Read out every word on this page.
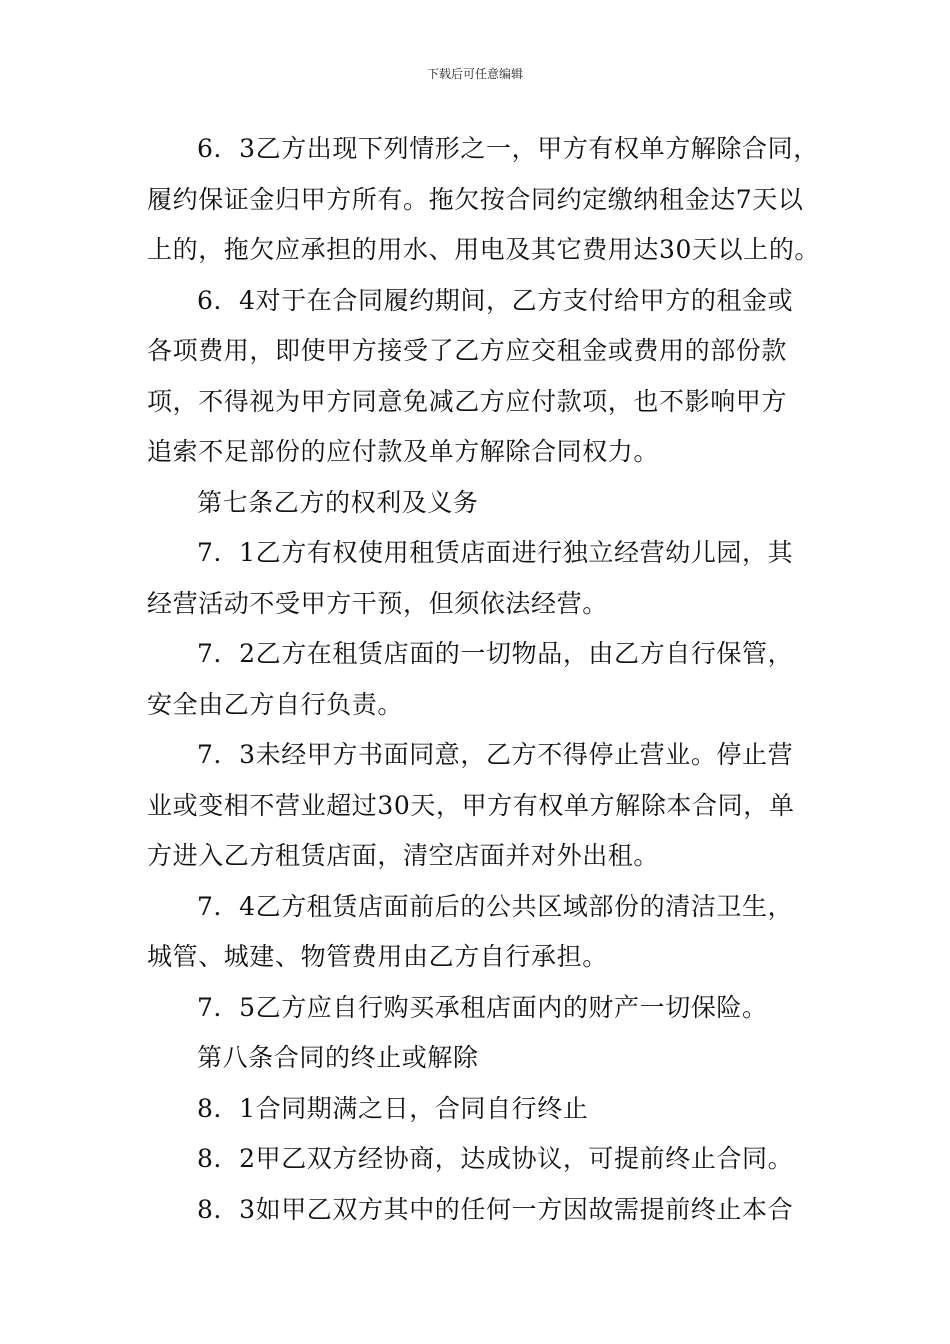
下载后可任意编辑

6．3乙方出现下列情形之一，甲方有权单方解除合同，
履约保证金归甲方所有。拖欠按合同约定缴纳租金达7天以
上的，拖欠应承担的用水、用电及其它费用达30天以上的。

6．4对于在合同履约期间，乙方支付给甲方的租金或
各项费用，即使甲方接受了乙方应交租金或费用的部份款
项，不得视为甲方同意免减乙方应付款项，也不影响甲方
追索不足部份的应付款及单方解除合同权力。

第七条乙方的权利及义务

7．1乙方有权使用租赁店面进行独立经营幼儿园，其
经营活动不受甲方干预，但须依法经营。

7．2乙方在租赁店面的一切物品，由乙方自行保管，
安全由乙方自行负责。

7．3未经甲方书面同意，乙方不得停止营业。停止营
业或变相不营业超过30天，甲方有权单方解除本合同，单
方进入乙方租赁店面，清空店面并对外出租。

7．4乙方租赁店面前后的公共区域部份的清洁卫生，
城管、城建、物管费用由乙方自行承担。

7．5乙方应自行购买承租店面内的财产一切保险。

第八条合同的终止或解除

8．1合同期满之日，合同自行终止

8．2甲乙双方经协商，达成协议，可提前终止合同。

8．3如甲乙双方其中的任何一方因故需提前终止本合
